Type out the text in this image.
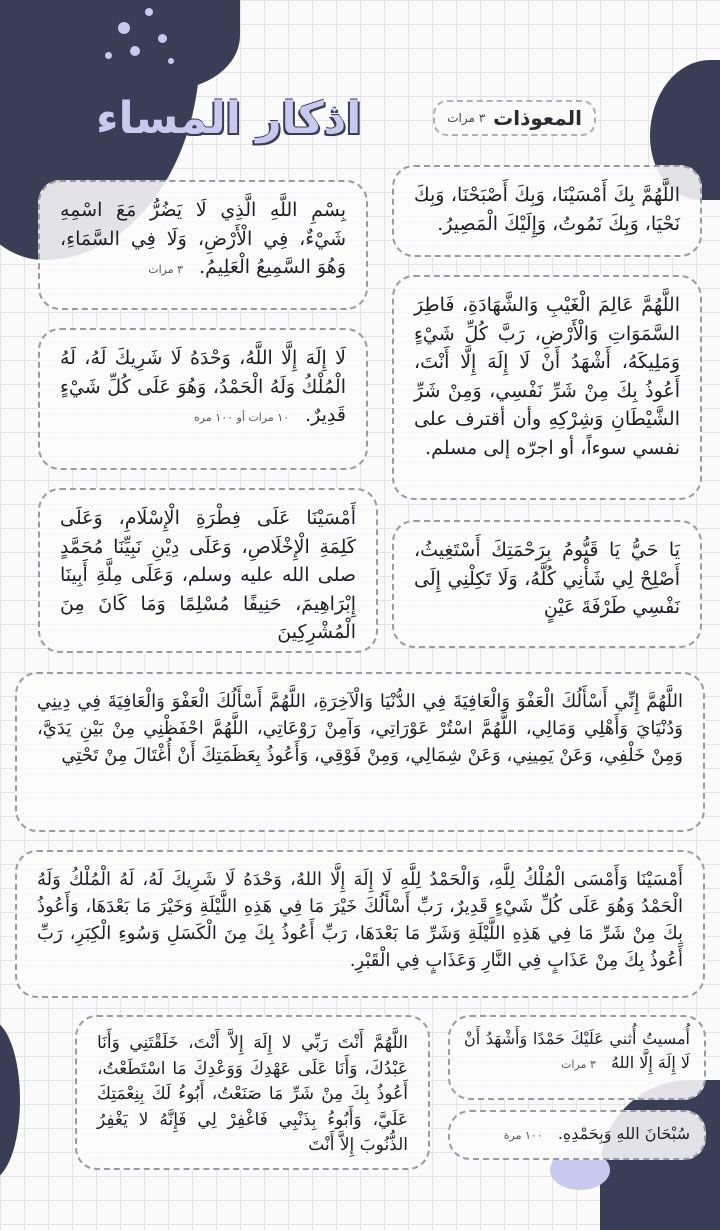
المعوذات
٣ مرات
اذكار المساء
اللَّهُمَّ بِكَ أَمْسَيْنَا، وَبِكَ أَصْبَحْنَا، وَبِكَ نَحْيَا، وَبِكَ نَمُوتُ، وَإِلَيْكَ الْمَصِيرُ.
اللَّهُمَّ عَالِمَ الْغَيْبِ وَالشَّهَادَةِ، فَاطِرَ السَّمَوَاتِ وَالْأَرْضِ، رَبَّ كُلِّ شَيْءٍ وَمَلِيكَهُ، أَشْهَدُ أَنْ لَا إِلَهَ إِلَّا أَنْتَ، أَعُوذُ بِكَ مِنْ شَرِّ نَفْسِي، وَمِنْ شَرِّ الشَّيْطَانِ وَشِرْكِهِ وأن أقترف على نفسي سوءاً، أو اجرّه إلى مسلم.
يَا حَيُّ يَا قَيُّومُ بِرَحْمَتِكَ أَسْتَغِيثُ، أَصْلِحْ لِي شَأْنِي كُلَّهُ، وَلَا تَكِلْنِي إِلَى نَفْسِي طَرْفَةَ عَيْنٍ
بِسْمِ اللَّهِ الَّذِي لَا يَضُرُّ مَعَ اسْمِهِ شَيْءٌ، فِي الْأَرْضِ، وَلَا فِي السَّمَاءِ، وَهُوَ السَّمِيعُ الْعَلِيمُ. ٣ مرات
لَا إِلَهَ إِلَّا اللَّهُ، وَحْدَهُ لَا شَرِيكَ لَهُ، لَهُ الْمُلْكُ وَلَهُ الْحَمْدُ، وَهُوَ عَلَى كُلِّ شَيْءٍ قَدِيرٌ. ١٠ مرات أو ١٠٠ مره
أَمْسَيْنَا عَلَى فِطْرَةِ الْإِسْلَامِ، وَعَلَى كَلِمَةِ الْإِخْلَاصِ، وَعَلَى دِيْنِ نَبِيِّنَا مُحَمَّدٍ صلى الله عليه وسلم، وَعَلَى مِلَّةِ أَبِينَا إِبْرَاهِيمَ، حَنِيفًا مُسْلِمًا وَمَا كَانَ مِنَ الْمُشْرِكِينَ
اللَّهُمَّ إِنِّي أَسْأَلُكَ الْعَفْوَ وَالْعَافِيَةَ فِي الدُّنْيَا وَالْآخِرَةِ، اللَّهُمَّ أَسْأَلُكَ الْعَفْوَ وَالْعَافِيَةَ فِي دِينِي وَدُنْيَايَ وَأَهْلِي وَمَالِي، اللَّهُمَّ اسْتُرْ عَوْرَاتِي، وَآمِنْ رَوْعَاتِي، اللَّهُمَّ احْفَظْنِي مِنْ بَيْنِ يَدَيَّ، وَمِنْ خَلْفِي، وَعَنْ يَمِينِي، وَعَنْ شِمَالِي، وَمِنْ فَوْقِي، وَأَعُوذُ بِعَظَمَتِكَ أَنْ أُغْتَالَ مِنْ تَحْتِي
أَمْسَيْنَا وَأَمْسَى الْمُلْكُ لِلَّهِ، وَالْحَمْدُ لِلَّهِ لَا إِلَهَ إِلَّا اللهُ، وَحْدَهُ لَا شَرِيكَ لَهُ، لَهُ الْمُلْكُ وَلَهُ الْحَمْدُ وَهُوَ عَلَى كُلِّ شَيْءٍ قَدِيرٌ، رَبِّ أَسْأَلُكَ خَيْرَ مَا فِي هَذِهِ اللَّيْلَةِ وَخَيْرَ مَا بَعْدَهَا، وَأَعُوذُ بِكَ مِنْ شَرِّ مَا فِي هَذِهِ اللَّيْلَةِ وَشَرِّ مَا بَعْدَهَا، رَبِّ أَعُوذُ بِكَ مِنَ الْكَسَلِ وَسُوءِ الْكِبَرِ، رَبِّ أَعُوذُ بِكَ مِنْ عَذَابٍ فِي النَّارِ وَعَذَابٍ فِي الْقَبْرِ.
اللَّهُمَّ أَنْتَ رَبِّي لا إِلَهَ إِلاَّ أَنْتَ، خَلَقْتَنِي وَأَنَا عَبْدُكَ، وَأَنَا عَلَى عَهْدِكَ وَوَعْدِكَ مَا اسْتَطَعْتُ، أَعُوذُ بِكَ مِنْ شَرِّ مَا صَنَعْتُ، أَبُوءُ لَكَ بِنِعْمَتِكَ عَلَيَّ، وَأَبُوءُ بِذَنْبِي فَاغْفِرْ لِي فَإِنَّهُ لا يَغْفِرُ الذُّنُوبَ إِلاَّ أَنْتَ
أُمسيتُ أُثني عَلَيْكَ حَمْدًا وَأَشْهَدُ أَنْ لَا إِلَهَ إِلَّا اللهُ ٣ مرات
سُبْحَانَ اللهِ وَبِحَمْدِهِ. ١٠٠ مرة
